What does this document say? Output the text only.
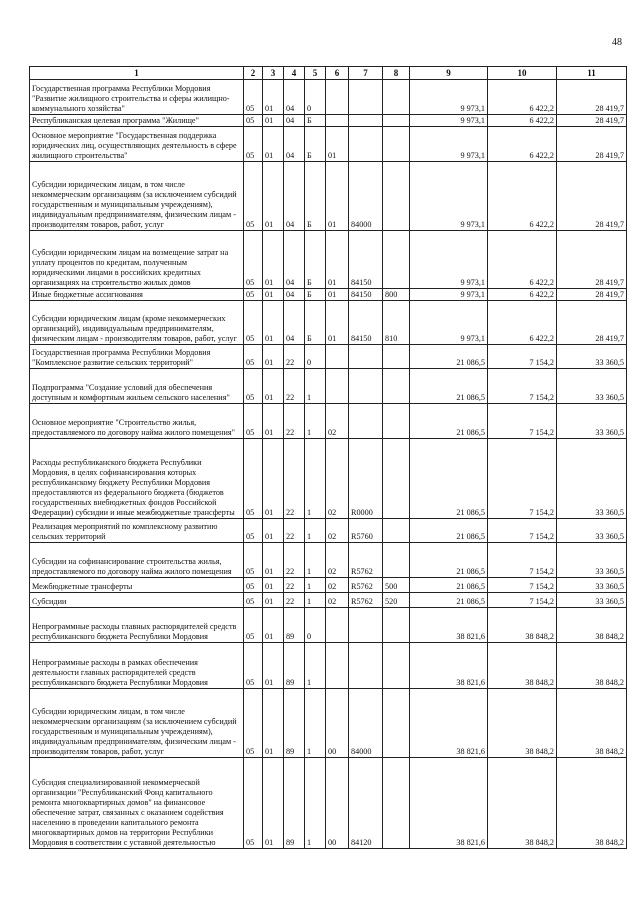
48
1	2	3	4	5	6	7	8	9	10	11
Государственная программа Республики Мордовия "Развитие жилищного строительства и сферы жилищно-коммунального хозяйства"	05	01	04	0				9 973,1	6 422,2	28 419,7
Республиканская целевая программа "Жилище"	05	01	04	Б				9 973,1	6 422,2	28 419,7
Основное мероприятие "Государственная поддержка юридических лиц, осуществляющих деятельность в сфере жилищного строительства"	05	01	04	Б	01			9 973,1	6 422,2	28 419,7
Субсидии юридическим лицам, в том числе некоммерческим организациям (за исключением субсидий государственным и муниципальным учреждениям), индивидуальным предпринимателям, физическим лицам - производителям товаров, работ, услуг	05	01	04	Б	01	84000		9 973,1	6 422,2	28 419,7
Субсидии юридическим лицам на возмещение затрат на уплату процентов по кредитам, полученным юридическими лицами в российских кредитных организациях на строительство жилых домов	05	01	04	Б	01	84150		9 973,1	6 422,2	28 419,7
Иные бюджетные ассигнования	05	01	04	Б	01	84150	800	9 973,1	6 422,2	28 419,7
Субсидии юридическим лицам (кроме некоммерческих организаций), индивидуальным предпринимателям, физическим лицам - производителям товаров, работ, услуг	05	01	04	Б	01	84150	810	9 973,1	6 422,2	28 419,7
Государственная программа Республики Мордовия "Комплексное развитие сельских территорий"	05	01	22	0				21 086,5	7 154,2	33 360,5
Подпрограмма "Создание условий для обеспечения доступным и комфортным жильем сельского населения"	05	01	22	1				21 086,5	7 154,2	33 360,5
Основное мероприятие "Строительство жилья, предоставляемого по договору найма жилого помещения"	05	01	22	1	02			21 086,5	7 154,2	33 360,5
Расходы республиканского бюджета Республики Мордовия, в целях софинансирования которых республиканскому бюджету Республики Мордовия предоставляются из федерального бюджета (бюджетов государственных внебюджетных фондов Российской Федерации) субсидии и иные межбюджетные трансферты	05	01	22	1	02	R0000		21 086,5	7 154,2	33 360,5
Реализация мероприятий по комплексному развитию сельских территорий	05	01	22	1	02	R5760		21 086,5	7 154,2	33 360,5
Субсидии на софинансирование строительства жилья, предоставляемого по договору найма жилого помещения	05	01	22	1	02	R5762		21 086,5	7 154,2	33 360,5
Межбюджетные трансферты	05	01	22	1	02	R5762	500	21 086,5	7 154,2	33 360,5
Субсидии	05	01	22	1	02	R5762	520	21 086,5	7 154,2	33 360,5
Непрограммные расходы главных распорядителей средств республиканского бюджета Республики Мордовия	05	01	89	0				38 821,6	38 848,2	38 848,2
Непрограммные расходы в рамках обеспечения деятельности главных распорядителей средств республиканского бюджета Республики Мордовия	05	01	89	1				38 821,6	38 848,2	38 848,2
Субсидии юридическим лицам, в том числе некоммерческим организациям (за исключением субсидий государственным и муниципальным учреждениям), индивидуальным предпринимателям, физическим лицам - производителям товаров, работ, услуг	05	01	89	1	00	84000		38 821,6	38 848,2	38 848,2
Субсидия специализированной некоммерческой организации "Республиканский Фонд капитального ремонта многоквартирных домов" на финансовое обеспечение затрат, связанных с оказанием содействия населению в проведении капитального ремонта многоквартирных домов на территории Республики Мордовия в соответствии с уставной деятельностью	05	01	89	1	00	84120		38 821,6	38 848,2	38 848,2
